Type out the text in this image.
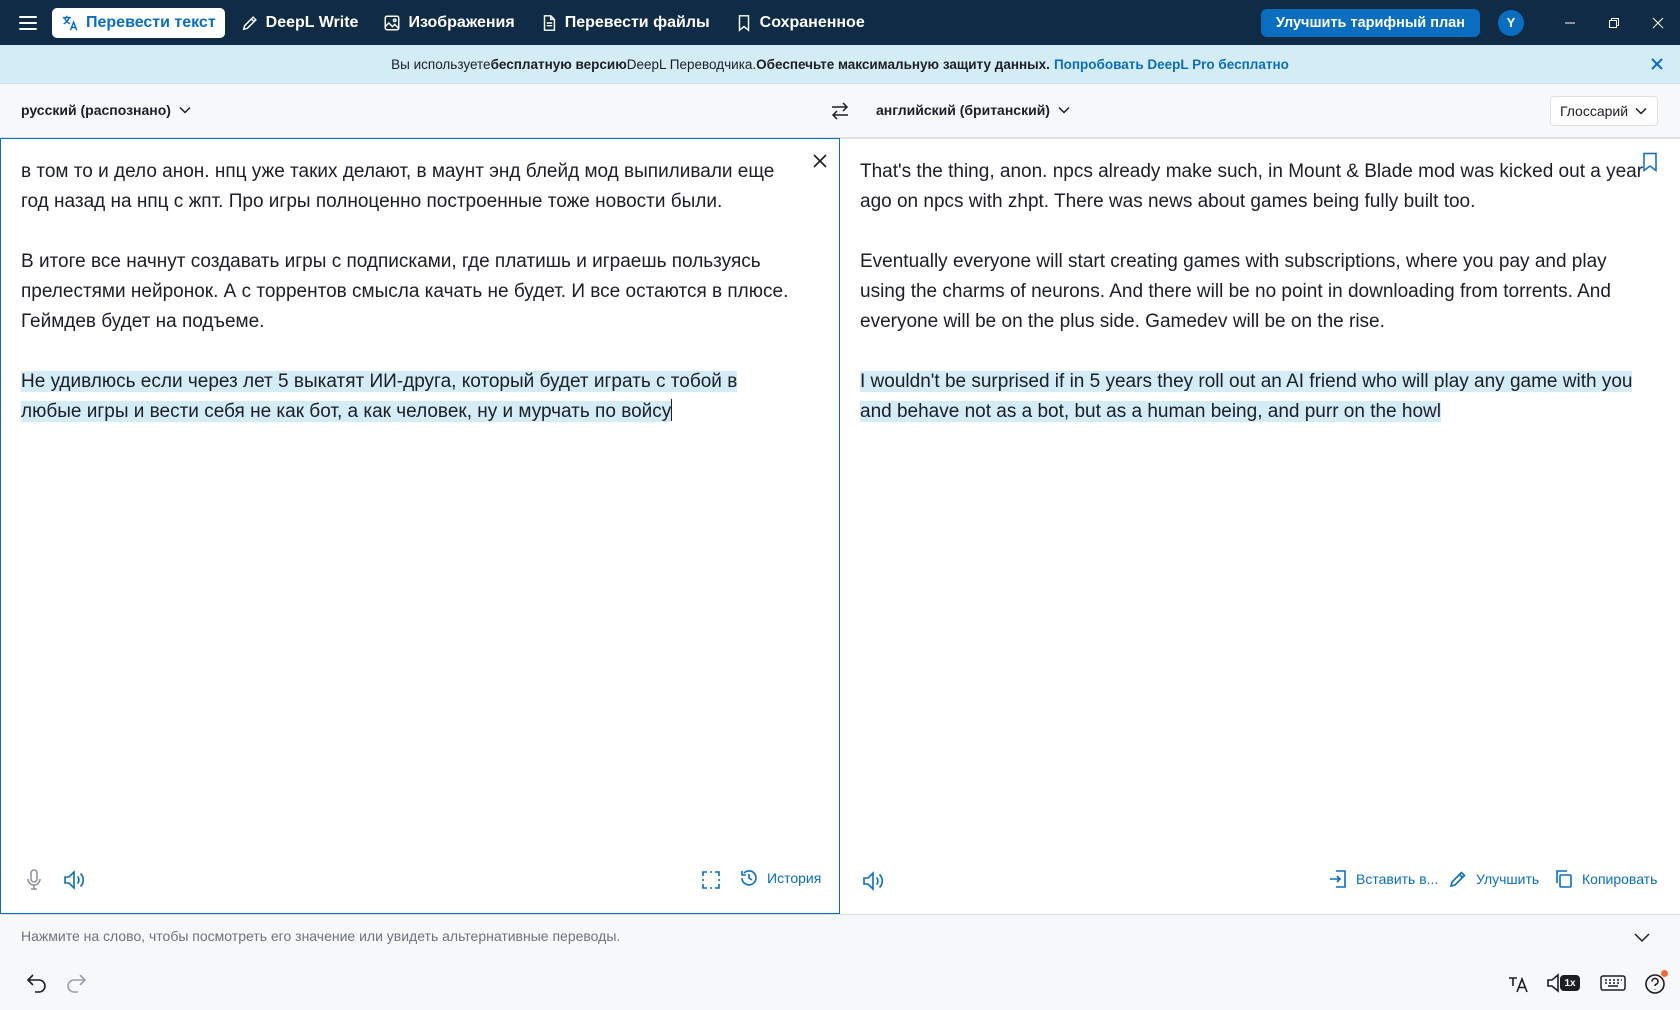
Перевести текст	DeepL Write	Изображения	Перевести файлы	Сохраненное	Улучшить тарифный план	Y
Вы используете бесплатную версию DeepL Переводчика. Обеспечьте максимальную защиту данных. Попробовать DeepL Pro бесплатно
русский (распознано)	английский (британский)	Глоссарий

в том то и дело анон. нпц уже таких делают, в маунт энд блейд мод выпиливали еще год назад на нпц с жпт. Про игры полноценно построенные тоже новости были.

В итоге все начнут создавать игры с подписками, где платишь и играешь пользуясь прелестями нейронок. А с торрентов смысла качать не будет. И все остаются в плюсе. Геймдев будет на подъеме.

Не удивлюсь если через лет 5 выкатят ИИ-друга, который будет играть с тобой в любые игры и вести себя не как бот, а как человек, ну и мурчать по войсу

История

That's the thing, anon. npcs already make such, in Mount & Blade mod was kicked out a year ago on npcs with zhpt. There was news about games being fully built too.

Eventually everyone will start creating games with subscriptions, where you pay and play using the charms of neurons. And there will be no point in downloading from torrents. And everyone will be on the plus side. Gamedev will be on the rise.

I wouldn't be surprised if in 5 years they roll out an AI friend who will play any game with you and behave not as a bot, but as a human being, and purr on the howl

Вставить в...	Улучшить	Копировать
Нажмите на слово, чтобы посмотреть его значение или увидеть альтернативные переводы.
1x
